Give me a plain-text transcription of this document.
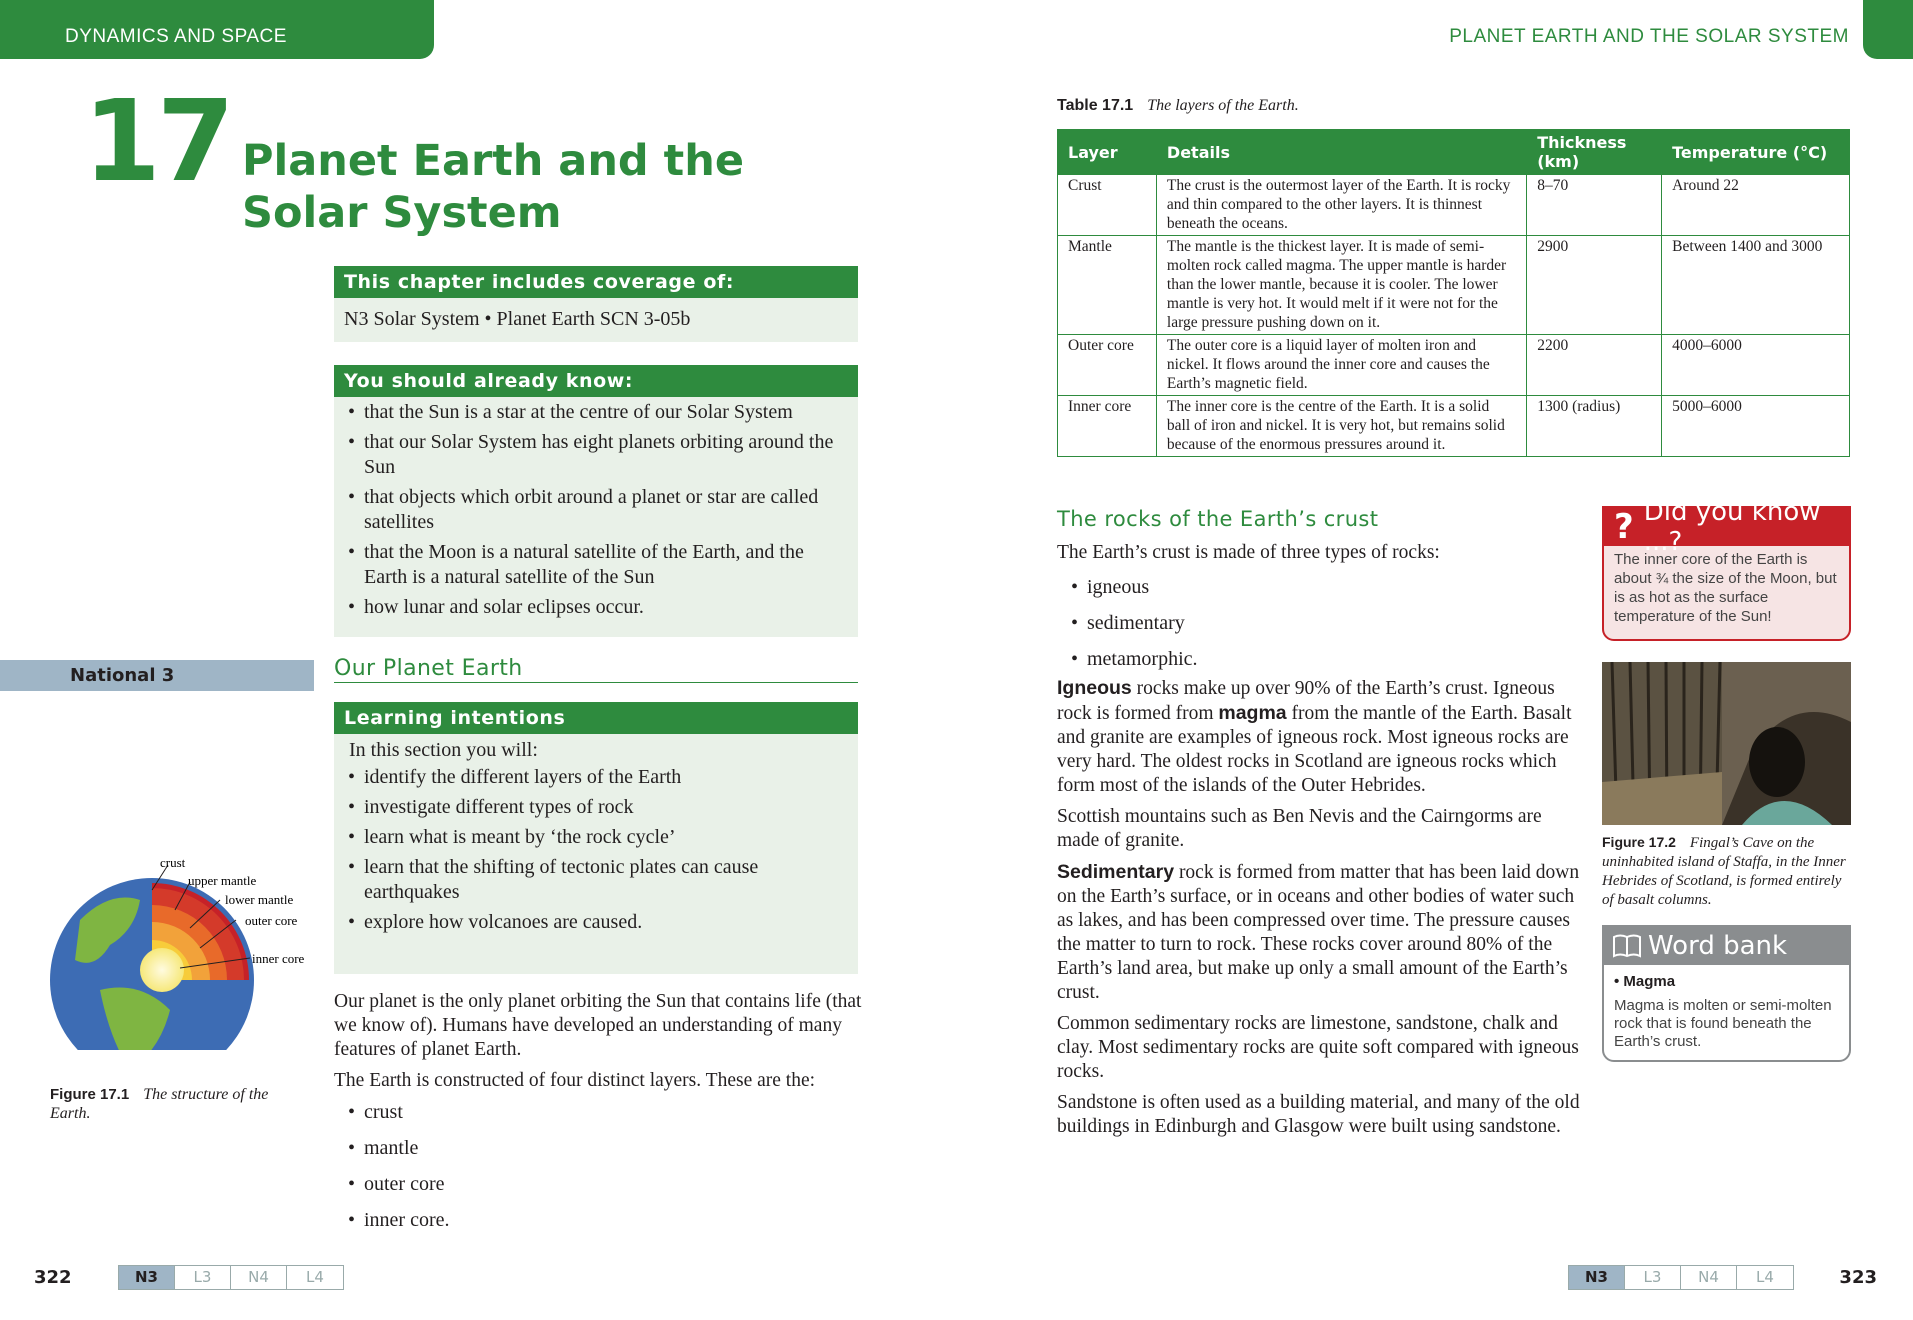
DYNAMICS AND SPACE	PLANET EARTH AND THE SOLAR SYSTEM
17 Planet Earth and the Solar System
This chapter includes coverage of:
N3 Solar System • Planet Earth SCN 3-05b
You should already know:
• that the Sun is a star at the centre of our Solar System
• that our Solar System has eight planets orbiting around the Sun
• that objects which orbit around a planet or star are called satellites
• that the Moon is a natural satellite of the Earth, and the Earth is a natural satellite of the Sun
• how lunar and solar eclipses occur.
National 3	Our Planet Earth
Learning intentions
In this section you will:
• identify the different layers of the Earth
• investigate different types of rock
• learn what is meant by ‘the rock cycle’
• learn that the shifting of tectonic plates can cause earthquakes
• explore how volcanoes are caused.
crust
upper mantle
lower mantle
outer core
inner core
Figure 17.1 The structure of the Earth.

Our planet is the only planet orbiting the Sun that contains life (that we know of). Humans have developed an understanding of many features of planet Earth.

The Earth is constructed of four distinct layers. These are the:

• crust
• mantle
• outer core
• inner core.
Table 17.1 The layers of the Earth.
Layer	Details	Thickness (km)	Temperature (°C)
Crust	The crust is the outermost layer of the Earth. It is rocky and thin compared to the other layers. It is thinnest beneath the oceans.	8–70	Around 22
Mantle	The mantle is the thickest layer. It is made of semi-molten rock called magma. The upper mantle is harder than the lower mantle, because it is cooler. The lower mantle is very hot. It would melt if it were not for the large pressure pushing down on it.	2900	Between 1400 and 3000
Outer core	The outer core is a liquid layer of molten iron and nickel. It flows around the inner core and causes the Earth’s magnetic field.	2200	4000–6000
Inner core	The inner core is the centre of the Earth. It is a solid ball of iron and nickel. It is very hot, but remains solid because of the enormous pressures around it.	1300 (radius)	5000–6000
The rocks of the Earth’s crust

The Earth’s crust is made of three types of rocks:

• igneous
• sedimentary
• metamorphic.

Igneous rocks make up over 90% of the Earth’s crust. Igneous rock is formed from magma from the mantle of the Earth. Basalt and granite are examples of igneous rock. Most igneous rocks are very hard. The oldest rocks in Scotland are igneous rocks which form most of the islands of the Outer Hebrides.

Scottish mountains such as Ben Nevis and the Cairngorms are made of granite.

Sedimentary rock is formed from matter that has been laid down on the Earth’s surface, or in oceans and other bodies of water such as lakes, and has been compressed over time. The pressure causes the matter to turn to rock. These rocks cover around 80% of the Earth’s land area, but make up only a small amount of the Earth’s crust.

Common sedimentary rocks are limestone, sandstone, chalk and clay. Most sedimentary rocks are quite soft compared with igneous rocks.

Sandstone is often used as a building material, and many of the old buildings in Edinburgh and Glasgow were built using sandstone.

? Did you know ...?
The inner core of the Earth is about ¾ the size of the Moon, but is as hot as the surface temperature of the Sun!
Figure 17.2 Fingal’s Cave on the uninhabited island of Staffa, in the Inner Hebrides of Scotland, is formed entirely of basalt columns.
Word bank
• Magma
Magma is molten or semi-molten rock that is found beneath the Earth’s crust.
322	N3	L3	N4	L4	N3	L3	N4	L4	323
